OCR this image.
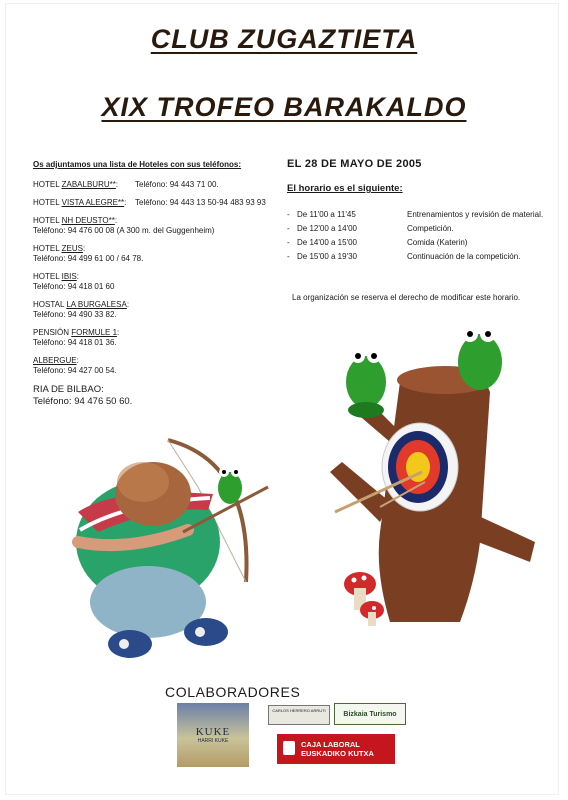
CLUB ZUGAZTIETA
XIX TROFEO BARAKALDO
Os adjuntamos una lista de Hoteles con sus teléfonos:
HOTEL ZABALBURU**: Teléfono: 94 443 71 00.
HOTEL VISTA ALEGRE**: Teléfono: 94 443 13 50-94 483 93 93
HOTEL NH DEUSTO**:
Teléfono: 94 476 00 08 (A 300 m. del Guggenheim)
HOTEL ZEUS:
Teléfono: 94 499 61 00 / 64 78.
HOTEL IBIS:
Teléfono: 94 418 01 60
HOSTAL LA BURGALESA:
Teléfono: 94 490 33 82.
PENSIÓN FORMULE 1:
Teléfono: 94 418 01 36.
ALBERGUE:
Teléfono: 94 427 00 54.
RIA DE BILBAO:
Teléfono: 94 476 50 60.
EL 28 DE MAYO DE 2005
El horario es el siguiente:
- De 11'00 a 11'45	Entrenamientos y revisión de material.
- De 12'00 a 14'00	Competición.
- De 14'00 a 15'00	Comida (Katerin)
- De 15'00 a 19'30	Continuación de la competición.
La organización se reserva el derecho de modificar este horario.
COLABORADORES
KUKE
HARRI KUKE
CARLOS HERRERO ARRUTI	Bizkaia Turismo
CAJA LABORAL
EUSKADIKO KUTXA
